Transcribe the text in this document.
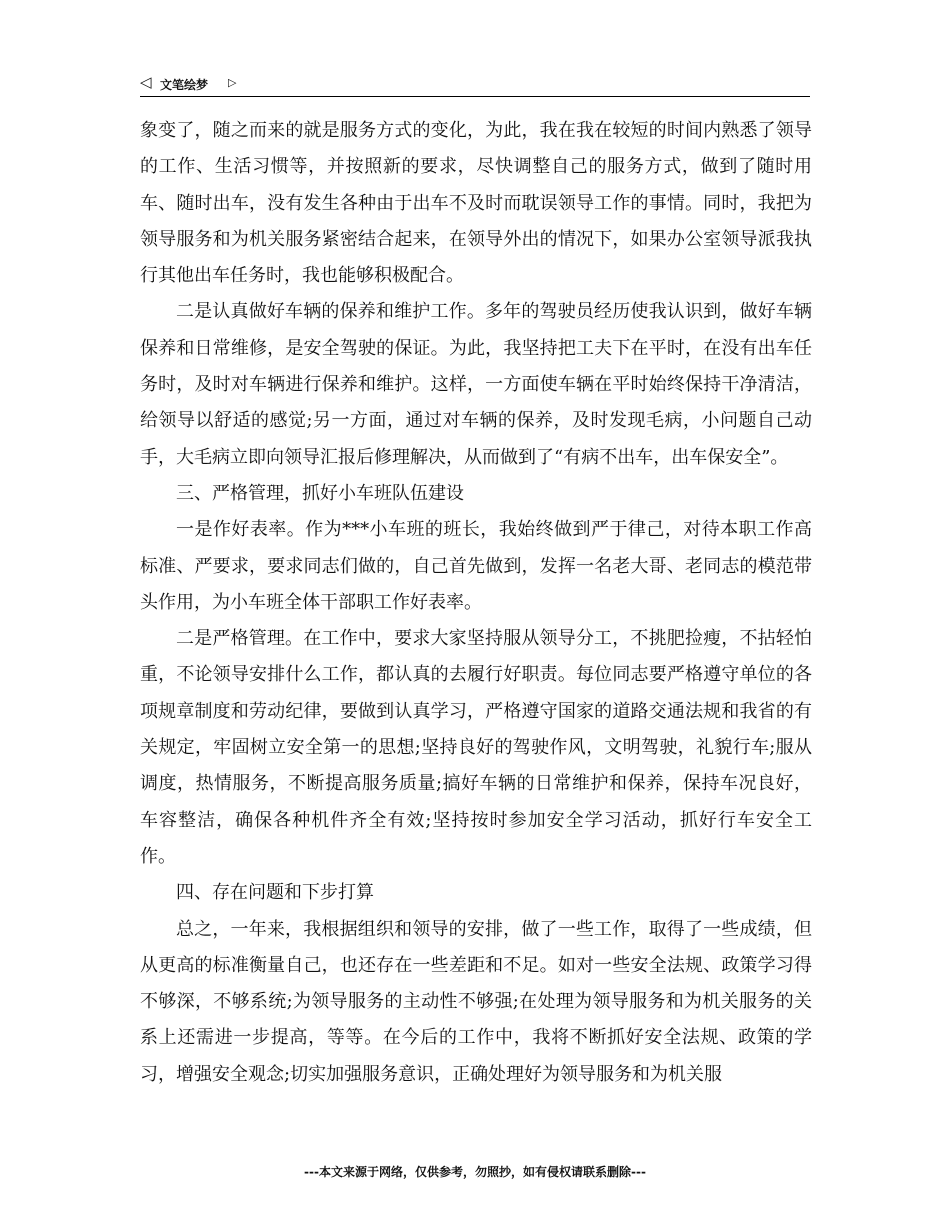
◁ 文笔绘梦 ▷

象变了，随之而来的就是服务方式的变化，为此，我在我在较短的时间内熟悉了领导的工作、生活习惯等，并按照新的要求，尽快调整自己的服务方式，做到了随时用车、随时出车，没有发生各种由于出车不及时而耽误领导工作的事情。同时，我把为领导服务和为机关服务紧密结合起来，在领导外出的情况下，如果办公室领导派我执行其他出车任务时，我也能够积极配合。

二是认真做好车辆的保养和维护工作。多年的驾驶员经历使我认识到，做好车辆保养和日常维修，是安全驾驶的保证。为此，我坚持把工夫下在平时，在没有出车任务时，及时对车辆进行保养和维护。这样，一方面使车辆在平时始终保持干净清洁，给领导以舒适的感觉;另一方面，通过对车辆的保养，及时发现毛病，小问题自己动手，大毛病立即向领导汇报后修理解决，从而做到了“有病不出车，出车保安全”。

三、严格管理，抓好小车班队伍建设

一是作好表率。作为***小车班的班长，我始终做到严于律己，对待本职工作高标准、严要求，要求同志们做的，自己首先做到，发挥一名老大哥、老同志的模范带头作用，为小车班全体干部职工作好表率。

二是严格管理。在工作中，要求大家坚持服从领导分工，不挑肥捡瘦，不拈轻怕重，不论领导安排什么工作，都认真的去履行好职责。每位同志要严格遵守单位的各项规章制度和劳动纪律，要做到认真学习，严格遵守国家的道路交通法规和我省的有关规定，牢固树立安全第一的思想;坚持良好的驾驶作风，文明驾驶，礼貌行车;服从调度，热情服务，不断提高服务质量;搞好车辆的日常维护和保养，保持车况良好，车容整洁，确保各种机件齐全有效;坚持按时参加安全学习活动，抓好行车安全工作。

四、存在问题和下步打算

总之，一年来，我根据组织和领导的安排，做了一些工作，取得了一些成绩，但从更高的标准衡量自己，也还存在一些差距和不足。如对一些安全法规、政策学习得不够深，不够系统;为领导服务的主动性不够强;在处理为领导服务和为机关服务的关系上还需进一步提高，等等。在今后的工作中，我将不断抓好安全法规、政策的学习，增强安全观念;切实加强服务意识，正确处理好为领导服务和为机关服

---本文来源于网络，仅供参考，勿照抄，如有侵权请联系删除---
